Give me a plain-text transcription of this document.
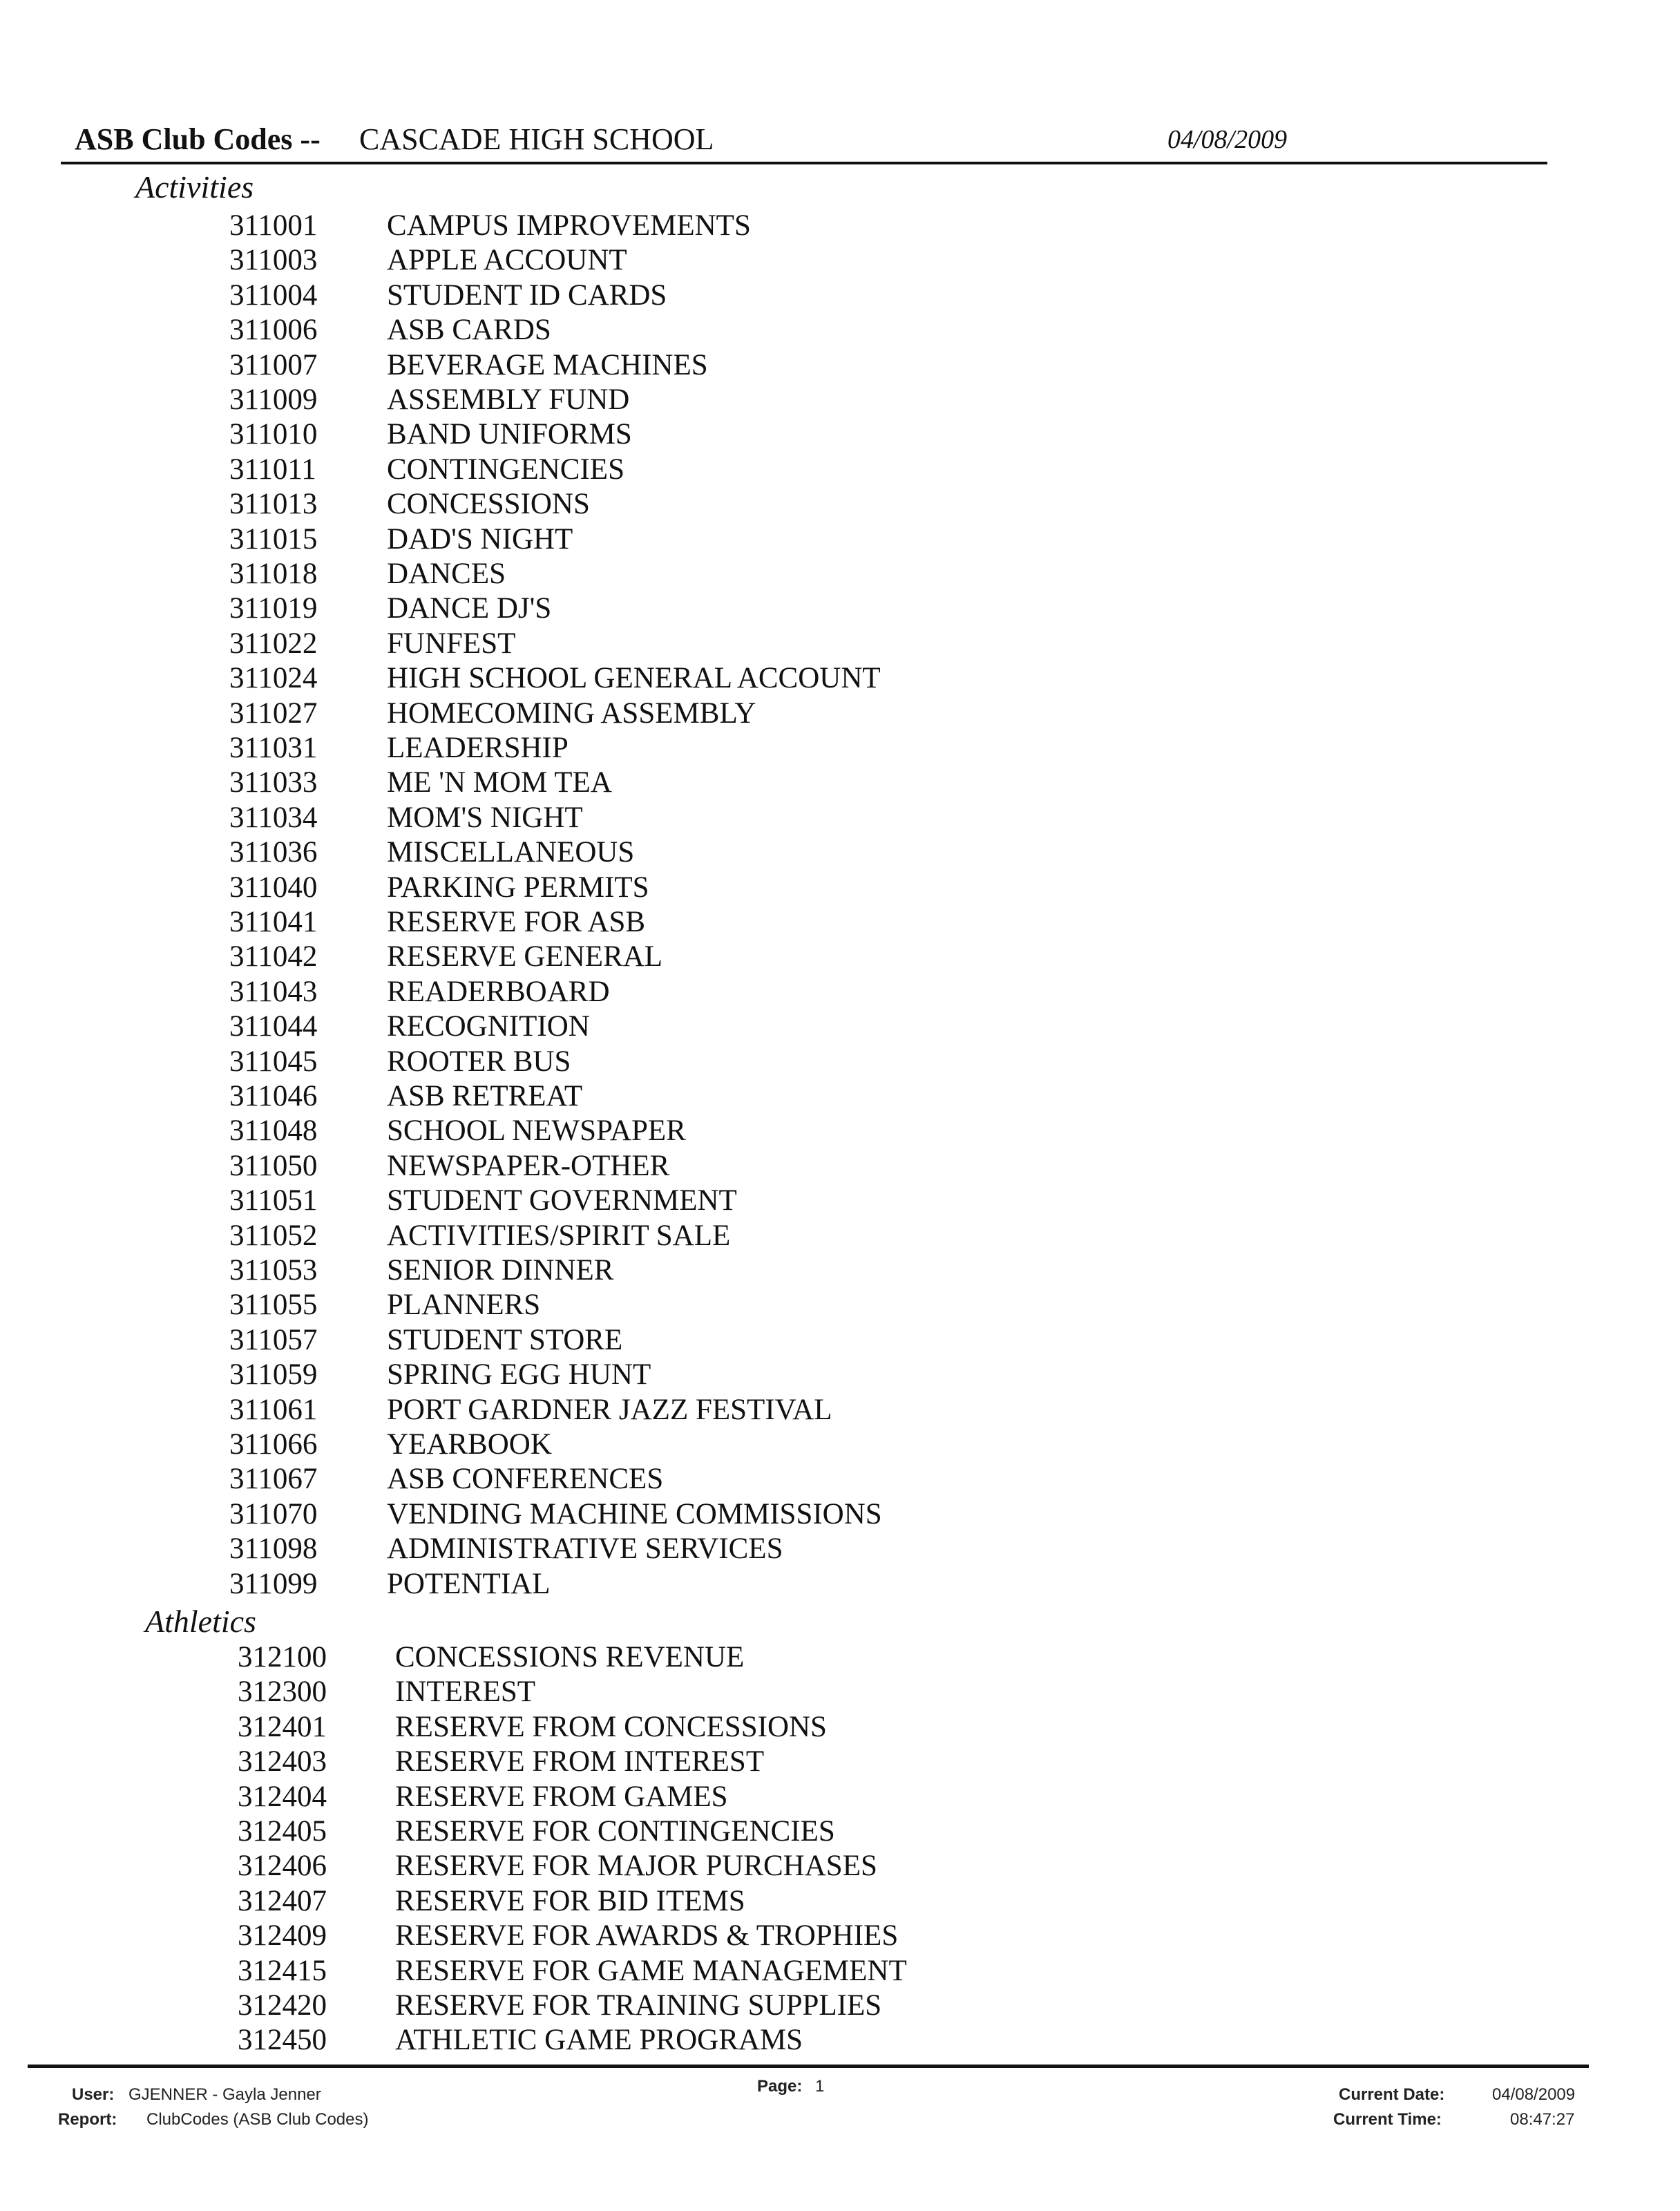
ASB Club Codes -- CASCADE HIGH SCHOOL	04/08/2009
Activities
311001	CAMPUS IMPROVEMENTS
311003	APPLE ACCOUNT
311004	STUDENT ID CARDS
311006	ASB CARDS
311007	BEVERAGE MACHINES
311009	ASSEMBLY FUND
311010	BAND UNIFORMS
311011	CONTINGENCIES
311013	CONCESSIONS
311015	DAD'S NIGHT
311018	DANCES
311019	DANCE DJ'S
311022	FUNFEST
311024	HIGH SCHOOL GENERAL ACCOUNT
311027	HOMECOMING ASSEMBLY
311031	LEADERSHIP
311033	ME 'N MOM TEA
311034	MOM'S NIGHT
311036	MISCELLANEOUS
311040	PARKING PERMITS
311041	RESERVE FOR ASB
311042	RESERVE GENERAL
311043	READERBOARD
311044	RECOGNITION
311045	ROOTER BUS
311046	ASB RETREAT
311048	SCHOOL NEWSPAPER
311050	NEWSPAPER-OTHER
311051	STUDENT GOVERNMENT
311052	ACTIVITIES/SPIRIT SALE
311053	SENIOR DINNER
311055	PLANNERS
311057	STUDENT STORE
311059	SPRING EGG HUNT
311061	PORT GARDNER JAZZ FESTIVAL
311066	YEARBOOK
311067	ASB CONFERENCES
311070	VENDING MACHINE COMMISSIONS
311098	ADMINISTRATIVE SERVICES
311099	POTENTIAL
Athletics
312100	CONCESSIONS REVENUE
312300	INTEREST
312401	RESERVE FROM CONCESSIONS
312403	RESERVE FROM INTEREST
312404	RESERVE FROM GAMES
312405	RESERVE FOR CONTINGENCIES
312406	RESERVE FOR MAJOR PURCHASES
312407	RESERVE FOR BID ITEMS
312409	RESERVE FOR AWARDS & TROPHIES
312415	RESERVE FOR GAME MANAGEMENT
312420	RESERVE FOR TRAINING SUPPLIES
312450	ATHLETIC GAME PROGRAMS
User: GJENNER - Gayla Jenner
Report: ClubCodes (ASB Club Codes)
Page: 1	Current Date:	04/08/2009
Current Time:	08:47:27
